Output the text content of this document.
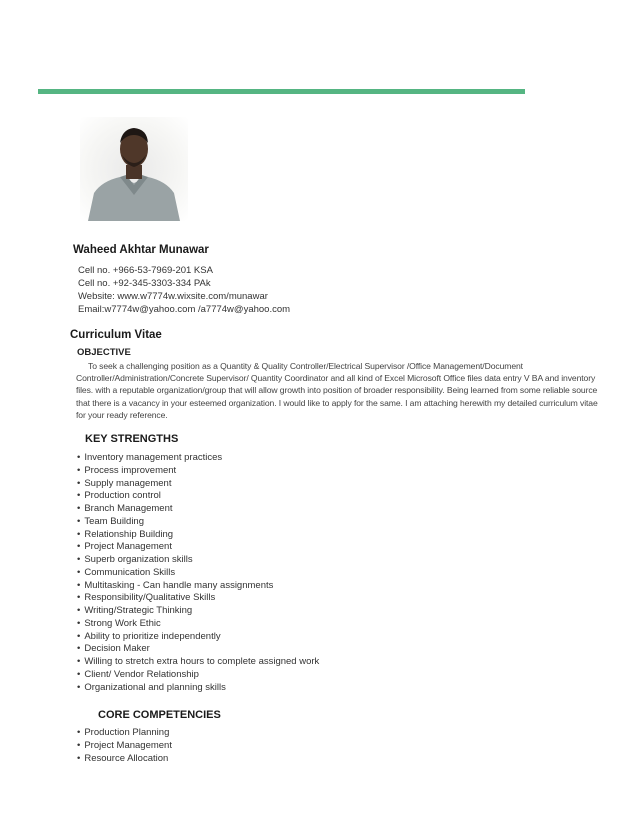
Waheed Akhtar Munawar
Cell no. +966-53-7969-201 KSA
Cell no. +92-345-3303-334 PAk
Website: www.w7774w.wixsite.com/munawar
Email:w7774w@yahoo.com /a7774w@yahoo.com
Curriculum Vitae
OBJECTIVE

To seek a challenging position as a Quantity & Quality Controller/Electrical Supervisor /Office Management/Document Controller/Administration/Concrete Supervisor/ Quantity Coordinator and all kind of Excel Microsoft Office files data entry V BA and inventory files. with a reputable organization/group that will allow growth into position of broader responsibility. Being learned from some reliable source that there is a vacancy in your esteemed organization. I would like to apply for the same. I am attaching herewith my detailed curriculum vitae for your ready reference.

KEY STRENGTHS
• Inventory management practices
• Process improvement
• Supply management
• Production control
• Branch Management
• Team Building
• Relationship Building
• Project Management
• Superb organization skills
• Communication Skills
• Multitasking - Can handle many assignments
• Responsibility/Qualitative Skills
• Writing/Strategic Thinking
• Strong Work Ethic
• Ability to prioritize independently
• Decision Maker
• Willing to stretch extra hours to complete assigned work
• Client/ Vendor Relationship
• Organizational and planning skills
CORE COMPETENCIES
• Production Planning
• Project Management
• Resource Allocation
